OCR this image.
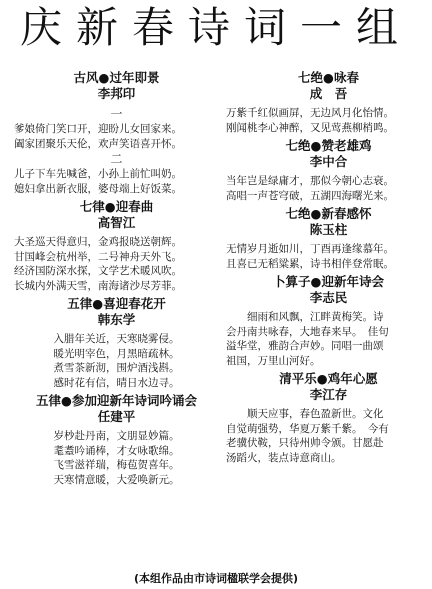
庆新春诗词一组
古风●过年即景
李邦印
一
爹娘倚门笑口开，迎盼儿女回家来。
阖家团聚乐天伦，欢声笑语喜开怀。
二
儿子下车先喊爸，小孙上前忙叫奶。
媳妇拿出新衣服，婆母端上好饭菜。
七律●迎春曲
高智江
大圣巡天得意归，金鸡报晓送朝辉。
甘国峰会杭州举，二号神舟天外飞。
经济国防深水探，文学艺术暖风吹。
长城内外满天雪，南海诸沙尽芳菲。
五律●喜迎春花开
韩东学
入腊年关近，天寒晓雾侵。
暖光明宰色，月黑暗疏林。
煮雪茶新沏，围炉酒浅斟。
感时花有信，晴日水边寻。
五律●参加迎新年诗词吟诵会
任建平
岁杪赴丹南，文朋显妙篇。
耄耋吟诵棒，才女咏歌绵。
飞雪滋祥瑞，梅苞贺喜年。
天寒情意暖，大爱唤新元。
七绝●咏春
成　吾
万紫千红似画屏，无边风月化怡情。
刚闻桃李心神醉，又见莺燕柳梢鸣。
七绝●赞老雄鸡
李中合
当年岂是绿庸才，那似今朝心志衰。
高唱一声苍穹破，五湖四海曙光来。
七绝●新春感怀
陈玉柱
无情岁月逝如川，丁酉再逢缘慕年。
且喜已无稻粱累，诗书相伴登常眠。
卜算子●迎新年诗会
李志民
细雨和风飘，江畔黄梅笑。诗
会丹南共咏春，大地春来早。　佳句
溢华堂，雅韵合声妙。同唱一曲颂
祖国，万里山河好。
清平乐●鸡年心愿
李江存
顺天应事，春色盈新世。文化
自觉萌强势，华夏万紫千紫。　今有
老骥伏鞍，只待州帅令颁。甘愿赴
汤蹈火，装点诗意商山。
(本组作品由市诗词楹联学会提供)
